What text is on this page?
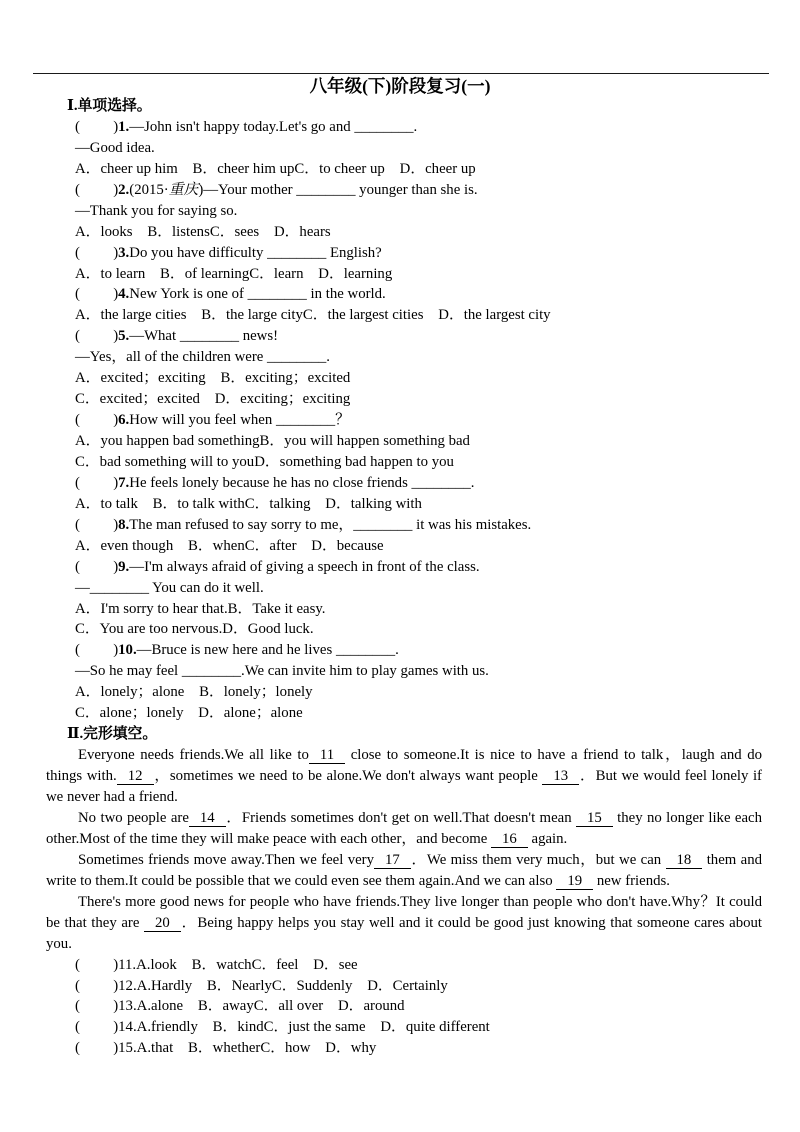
八年级(下)阶段复习(一)
Ⅰ.单项选择。
(         )1.—John isn't happy today.Let's go and ________.
—Good idea.
A．cheer up him    B．cheer him upC．to cheer up    D．cheer up
(         )2.(2015·重庆)—Your mother ________ younger than she is.
—Thank you for saying so.
A．looks    B．listensC．sees    D．hears
(         )3.Do you have difficulty ________ English?
A．to learn    B．of learningC．learn    D．learning
(         )4.New York is one of ________ in the world.
A．the large cities    B．the large cityC．the largest cities    D．the largest city
(         )5.—What ________ news!
—Yes，all of the children were ________.
A．excited；exciting    B．exciting；excited
C．excited；excited    D．exciting；exciting
(         )6.How will you feel when ________？
A．you happen bad somethingB．you will happen something bad
C．bad something will to youD．something bad happen to you
(         )7.He feels lonely because he has no close friends ________.
A．to talk    B．to talk withC．talking    D．talking with
(         )8.The man refused to say sorry to me，________ it was his mistakes.
A．even though    B．whenC．after    D．because
(         )9.—I'm always afraid of giving a speech in front of the class.
—________ You can do it well.
A．I'm sorry to hear that.B．Take it easy.
C．You are too nervous.D．Good luck.
(         )10.—Bruce is new here and he lives ________.
—So he may feel ________.We can invite him to play games with us.
A．lonely；alone    B．lonely；lonely
C．alone；lonely    D．alone；alone
Ⅱ.完形填空。
Everyone needs friends.We all like to 11 close to someone.It is nice to have a friend to talk，laugh and do things with. 12 ，sometimes we need to be alone.We don't always want people 13 ．But we would feel lonely if we never had a friend.
No two people are 14 ．Friends sometimes don't get on well.That doesn't mean 15 they no longer like each other.Most of the time they will make peace with each other，and become 16 again.
Sometimes friends move away.Then we feel very 17 ．We miss them very much，but we can 18 them and write to them.It could be possible that we could even see them again.And we can also 19 new friends.
There's more good news for people who have friends.They live longer than people who don't have.Why？It could be that they are 20 ．Being happy helps you stay well and it could be good just knowing that someone cares about you.
(         )11.A.look    B．watchC．feel    D．see
(         )12.A.Hardly    B．NearlyC．Suddenly    D．Certainly
(         )13.A.alone    B．awayC．all over    D．around
(         )14.A.friendly    B．kindC．just the same    D．quite different
(         )15.A.that    B．whetherC．how    D．why
